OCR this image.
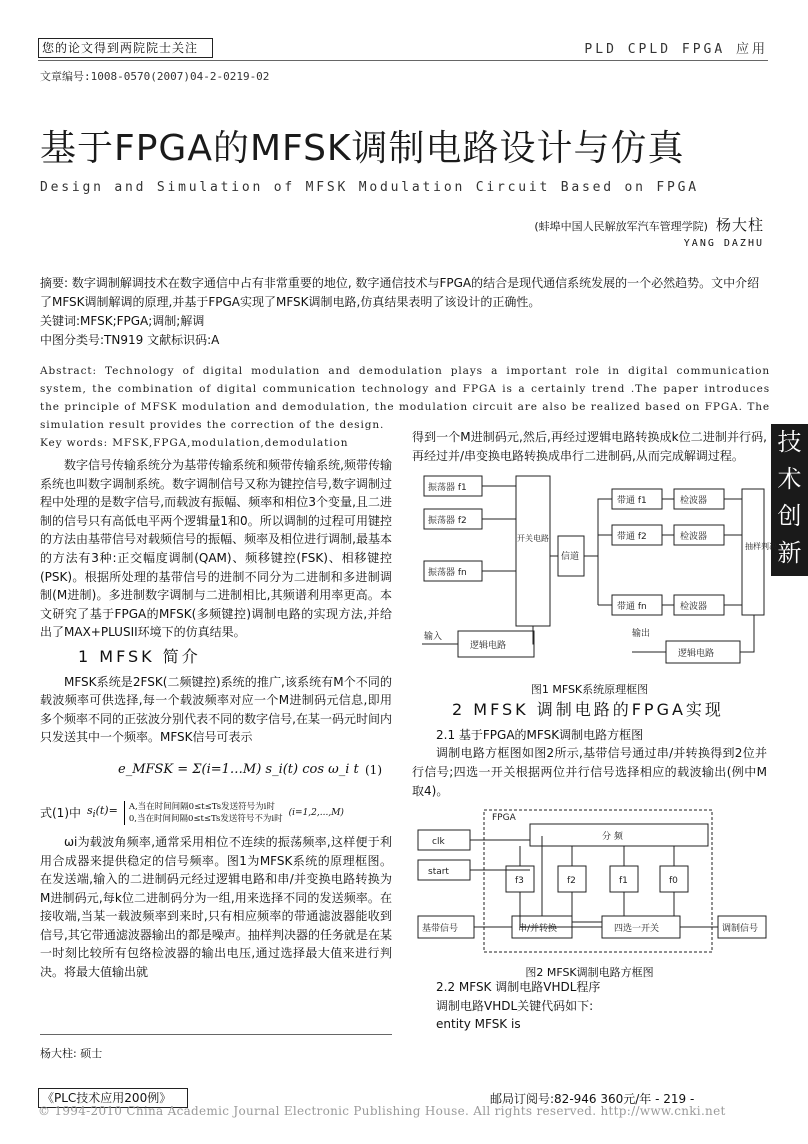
您的论文得到两院院士关注	PLD CPLD FPGA 应用
文章编号:1008-0570(2007)04-2-0219-02
基于FPGA的MFSK调制电路设计与仿真
Design and Simulation of MFSK Modulation Circuit Based on FPGA
(蚌埠中国人民解放军汽车管理学院) 杨大柱
YANG DAZHU
摘要: 数字调制解调技术在数字通信中占有非常重要的地位, 数字通信技术与FPGA的结合是现代通信系统发展的一个必然趋势。文中介绍了MFSK调制解调的原理,并基于FPGA实现了MFSK调制电路,仿真结果表明了该设计的正确性。
关键词:MFSK;FPGA;调制;解调
中图分类号:TN919 文献标识码:A
Abstract: Technology of digital modulation and demodulation plays a important role in digital communication system, the combination of digital communication technology and FPGA is a certainly trend .The paper introduces the principle of MFSK modulation and demodulation, the modulation circuit are also be realized based on FPGA. The simulation result provides the correction of the design.
Key words: MFSK,FPGA,modulation,demodulation	技
术
创
新

数字信号传输系统分为基带传输系统和频带传输系统,频带传输系统也叫数字调制系统。数字调制信号又称为键控信号,数字调制过程中处理的是数字信号,而载波有振幅、频率和相位3个变量,且二进制的信号只有高低电平两个逻辑量1和0。所以调制的过程可用键控的方法由基带信号对载频信号的振幅、频率及相位进行调制,最基本的方法有3种:正交幅度调制(QAM)、频移键控(FSK)、相移键控(PSK)。根据所处理的基带信号的进制不同分为二进制和多进制调制(M进制)。多进制数字调制与二进制相比,其频谱利用率更高。本文研究了基于FPGA的MFSK(多频键控)调制电路的实现方法,并给出了MAX+PLUSII环境下的仿真结果。

1 MFSK 简介

MFSK系统是2FSK(二频键控)系统的推广,该系统有M个不同的载波频率可供选择,每一个载波频率对应一个M进制码元信息,即用多个频率不同的正弦波分别代表不同的数字信号,在某一码元时间内只发送其中一个频率。MFSK信号可表示

e_MFSK = Σ(i=1…M) s_i(t) cos ω_i t (1)
式(1)中 $s_i(t)= A$,当在时间间隔0≤t≤Ts发送符号为i时
0,当在时间间隔0≤t≤Ts发送符号不为i时
(i=1,2,...,M)

ωi为载波角频率,通常采用相位不连续的振荡频率,这样便于利用合成器来提供稳定的信号频率。图1为MFSK系统的原理框图。在发送端,输入的二进制码元经过逻辑电路和串/并变换电路转换为M进制码元,每k位二进制码分为一组,用来选择不同的发送频率。在接收端,当某一载波频率到来时,只有相应频率的带通滤波器能收到信号,其它带通滤波器输出的都是噪声。抽样判决器的任务就是在某一时刻比较所有包络检波器的输出电压,通过选择最大值来进行判决。将最大值输出就

得到一个M进制码元,然后,再经过逻辑电路转换成k位二进制并行码,再经过并/串变换电路转换成串行二进制码,从而完成解调过程。

振荡器 f1
振荡器 f2
振荡器 fn
开关电路
信道
带通 f1	检波器
带通 f2	检波器
带通 fn	检波器
抽样判决
输入
逻辑电路
输出
逻辑电路
图1 MFSK系统原理框图
2 MFSK 调制电路的FPGA实现

2.1 基于FPGA的MFSK调制电路方框图

调制电路方框图如图2所示,基带信号通过串/并转换得到2位并行信号;四选一开关根据两位并行信号选择相应的载波输出(例中M取4)。

FPGA
clk
start
分 频
f3	f2	f1	f0
基带信号	串/并转换	四选一开关	调制信号
图2 MFSK调制电路方框图

2.2 MFSK 调制电路VHDL程序

调制电路VHDL关键代码如下:

entity MFSK is

杨大柱: 硕士
《PLC技术应用200例》	邮局订阅号:82-946 360元/年 - 219 -
© 1994-2010 China Academic Journal Electronic Publishing House. All rights reserved. http://www.cnki.net
